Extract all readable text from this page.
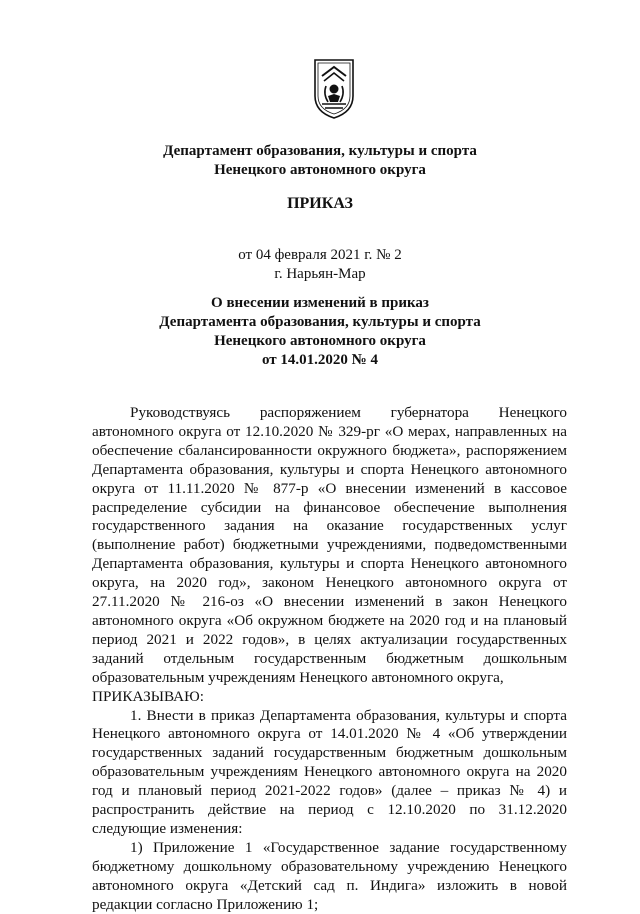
Департамент образования, культуры и спорта
Ненецкого автономного округа
ПРИКАЗ
от 04 февраля 2021 г. № 2
г. Нарьян-Мар
О внесении изменений в приказ
Департамента образования, культуры и спорта
Ненецкого автономного округа
от 14.01.2020 № 4

Руководствуясь распоряжением губернатора Ненецкого автономного округа от 12.10.2020 № 329-рг «О мерах, направленных на обеспечение сбалансированности окружного бюджета», распоряжением Департамента образования, культуры и спорта Ненецкого автономного округа от 11.11.2020 № 877-р «О внесении изменений в кассовое распределение субсидии на финансовое обеспечение выполнения государственного задания на оказание государственных услуг (выполнение работ) бюджетными учреждениями, подведомственными Департамента образования, культуры и спорта Ненецкого автономного округа, на 2020 год», законом Ненецкого автономного округа от 27.11.2020 № 216-оз «О внесении изменений в закон Ненецкого автономного округа «Об окружном бюджете на 2020 год и на плановый период 2021 и 2022 годов», в целях актуализации государственных заданий отдельным государственным бюджетным дошкольным образовательным учреждениям Ненецкого автономного округа,

ПРИКАЗЫВАЮ:

1. Внести в приказ Департамента образования, культуры и спорта Ненецкого автономного округа от 14.01.2020 № 4 «Об утверждении государственных заданий государственным бюджетным дошкольным образовательным учреждениям Ненецкого автономного округа на 2020 год и плановый период 2021-2022 годов» (далее – приказ № 4) и распространить действие на период с 12.10.2020 по 31.12.2020 следующие изменения:

1) Приложение 1 «Государственное задание государственному бюджетному дошкольному образовательному учреждению Ненецкого автономного округа «Детский сад п. Индига» изложить в новой редакции согласно Приложению 1;
